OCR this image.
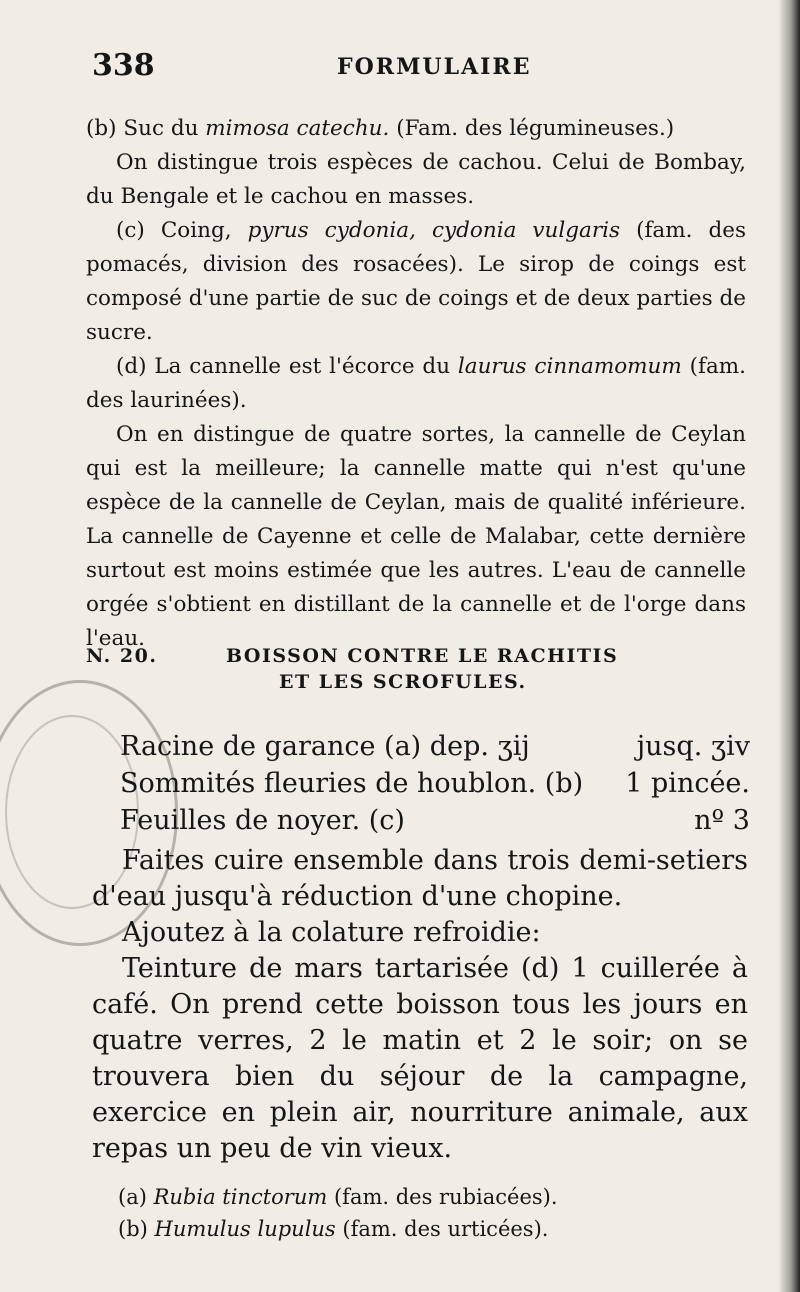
338	FORMULAIRE

(b) Suc du mimosa catechu. (Fam. des légumineuses.)

On distingue trois espèces de cachou. Celui de Bombay, du Bengale et le cachou en masses.

(c) Coing, pyrus cydonia, cydonia vulgaris (fam. des pomacés, division des rosacées). Le sirop de coings est composé d'une partie de suc de coings et de deux parties de sucre.

(d) La cannelle est l'écorce du laurus cinnamomum (fam. des laurinées).

On en distingue de quatre sortes, la cannelle de Ceylan qui est la meilleure; la cannelle matte qui n'est qu'une espèce de la cannelle de Ceylan, mais de qualité inférieure. La cannelle de Cayenne et celle de Malabar, cette dernière surtout est moins estimée que les autres. L'eau de cannelle orgée s'obtient en distillant de la cannelle et de l'orge dans l'eau.

N. 20.	BOISSON CONTRE LE RACHITIS
ET LES SCROFULES.
Racine de garance (a) dep. ʒij	jusq. ʒiv
Sommités fleuries de houblon. (b) 1 pincée.
Feuilles de noyer. (c)	nº 3

Faites cuire ensemble dans trois demi-setiers d'eau jusqu'à réduction d'une chopine.

Ajoutez à la colature refroidie:

Teinture de mars tartarisée (d) 1 cuillerée à café. On prend cette boisson tous les jours en quatre verres, 2 le matin et 2 le soir; on se trouvera bien du séjour de la campagne, exercice en plein air, nourriture animale, aux repas un peu de vin vieux.

(a) Rubia tinctorum (fam. des rubiacées).

(b) Humulus lupulus (fam. des urticées).
